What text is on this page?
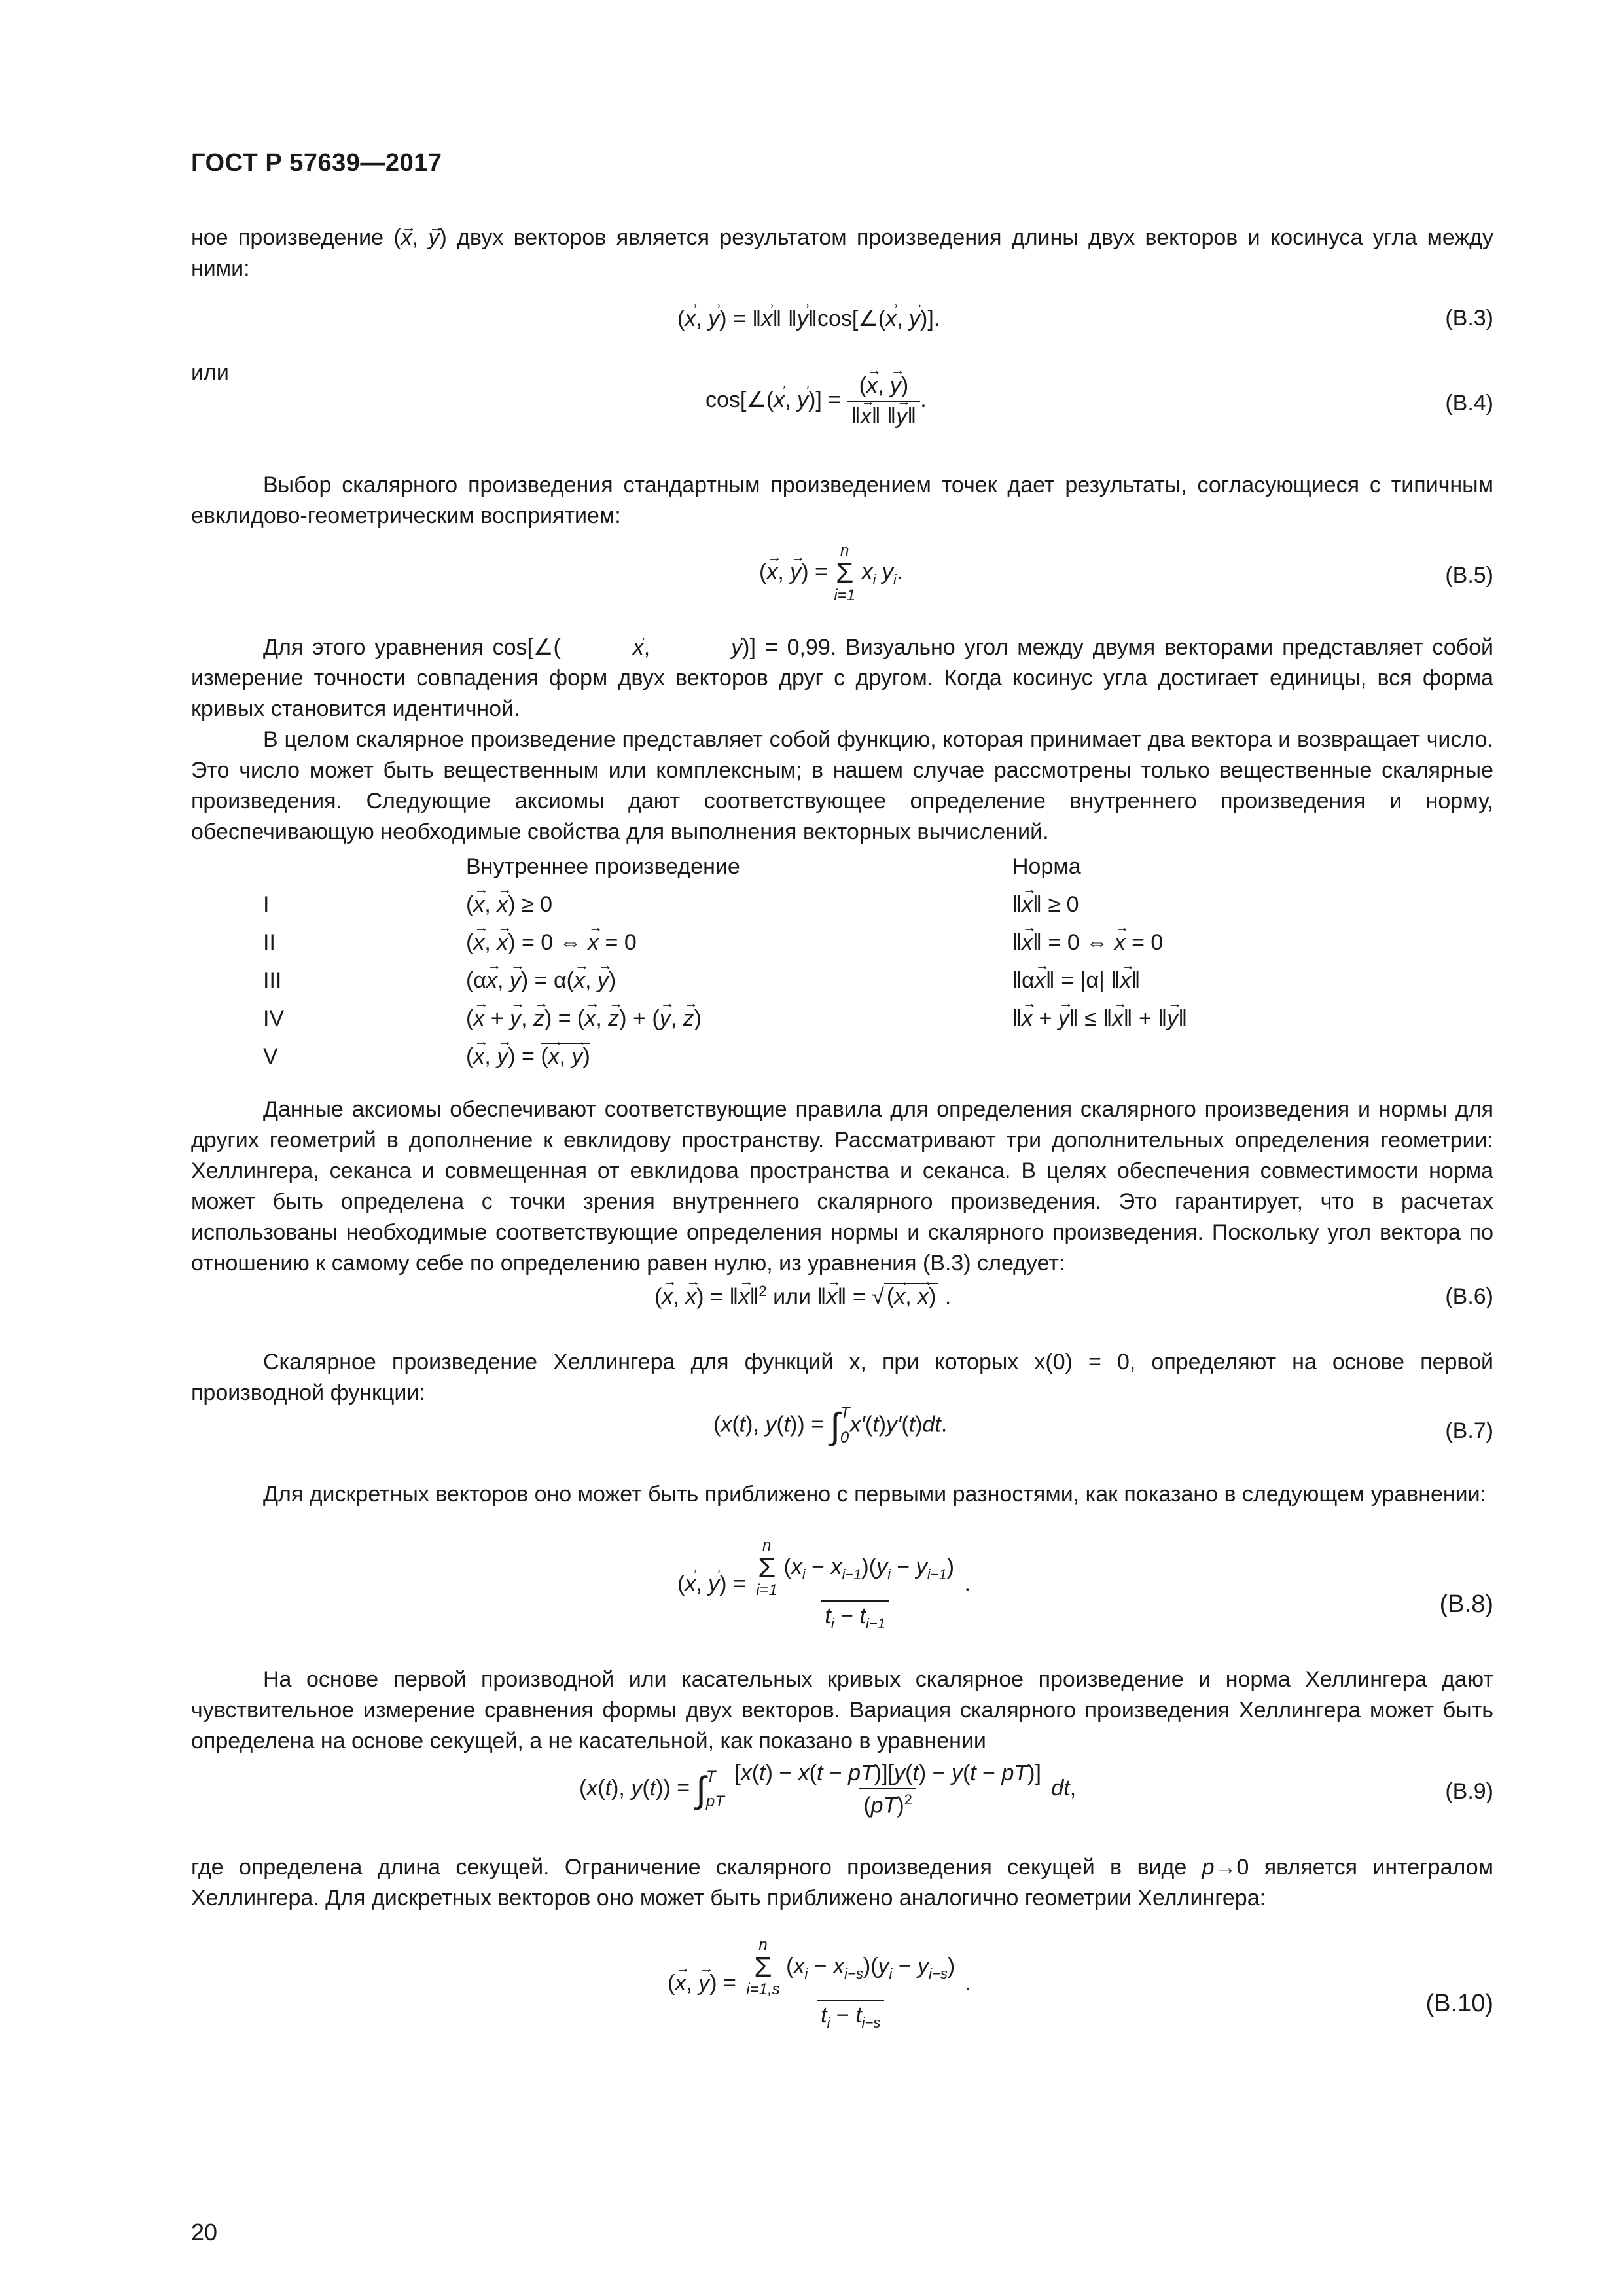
ГОСТ Р 57639—2017

ное произведение (→ x, → y) двух векторов является результатом произведения длины двух векторов и косинуса угла между ними:

(→ x, → y) = ‖→ x‖ ‖→ y‖cos[∠(→ x, → y)].	(В.3)
или
cos[∠(→ x, → $y)] = \frac{(\to x, \to y)}{‖\to x‖ ‖\to y‖}$ .	(В.4)

Выбор скалярного произведения стандартным произведением точек дает результаты, согласующиеся с типичным евклидово-геометрическим восприятием:

(→ x, → y) =
n
Σ
i=1
$x_i$ $y_i$.	(В.5)

Для этого уравнения cos[∠(	→ x,	→ y)] = 0,99. Визуально угол между двумя векторами представляет собой измерение точности совпадения форм двух векторов друг с другом. Когда косинус угла достигает единицы, вся форма кривых становится идентичной.

В целом скалярное произведение представляет собой функцию, которая принимает два вектора и возвращает число. Это число может быть вещественным или комплексным; в нашем случае рассмотрены только вещественные скалярные произведения. Следующие аксиомы дают соответствующее определение внутреннего произведения и норму, обеспечивающую необходимые свойства для выполнения векторных вычислений.

Внутреннее произведение	Норма
I	(→ x, → x) ≥ 0	‖→ x‖ ≥ 0
II	(→ x, → x) = 0 ⇔ → x = 0	‖→ x‖ = 0 ⇔ → x = 0
III	(α→ x, → y) = α(→ x, → y)	‖α→ x‖ = |α| ‖→ x‖
IV	(→ x + → y, → z) = (→ x, → z) + (→ y, → z)	‖→ x + → y‖ ≤ ‖→ x‖ + ‖→ y‖
V	(→ x, → y) = (→ x, → y)

Данные аксиомы обеспечивают соответствующие правила для определения скалярного произведения и нормы для других геометрий в дополнение к евклидову пространству. Рассматривают три дополнительных определения геометрии: Хеллингера, секанса и совмещенная от евклидова пространства и секанса. В целях обеспечения совместимости норма может быть определена с точки зрения внутреннего скалярного произведения. Это гарантирует, что в расчетах использованы необходимые соответствующие определения нормы и скалярного произведения. Поскольку угол вектора по отношению к самому себе по определению равен нулю, из уравнения (В.3) следует:

(→ x, → x) = ‖→ x‖$^2$ или ‖→ x‖ = √ (→ x, → x) .	(В.6)

Скалярное произведение Хеллингера для функций x, при которых x(0) = 0, определяют на основе первой производной функции:

(x(t), y(t)) = ∫ T
0
x′(t)y′(t)dt.	(В.7)

Для дискретных векторов оно может быть приближено с первыми разностями, как показано в следующем уравнении:

(→ x, → y) = n
Σ
i=1
$(x_i - x_{i-1})(y_i - y_{i-1})$
$t_i - t_{i-1}$ .
(В.8)

На основе первой производной или касательных кривых скалярное произведение и норма Хеллингера дают чувствительное измерение сравнения формы двух векторов. Вариация скалярного произведения Хеллингера может быть определена на основе секущей, а не касательной, как показано в уравнении

(x(t), y(t)) = ∫ T
pT
$\frac{[x(t) - x(t - pT)][y(t) - y(t - pT)]}{(pT)^2}$ dt,	(В.9)

где определена длина секущей. Ограничение скалярного произведения секущей в виде p→0 является интегралом Хеллингера. Для дискретных векторов оно может быть приближено аналогично геометрии Хеллингера:

(→ x, → y) = n
Σ
i=1,s
$(x_i - x_{i-s})(y_i - y_{i-s})$
$t_i - t_{i-s}$ .
(В.10)
20
